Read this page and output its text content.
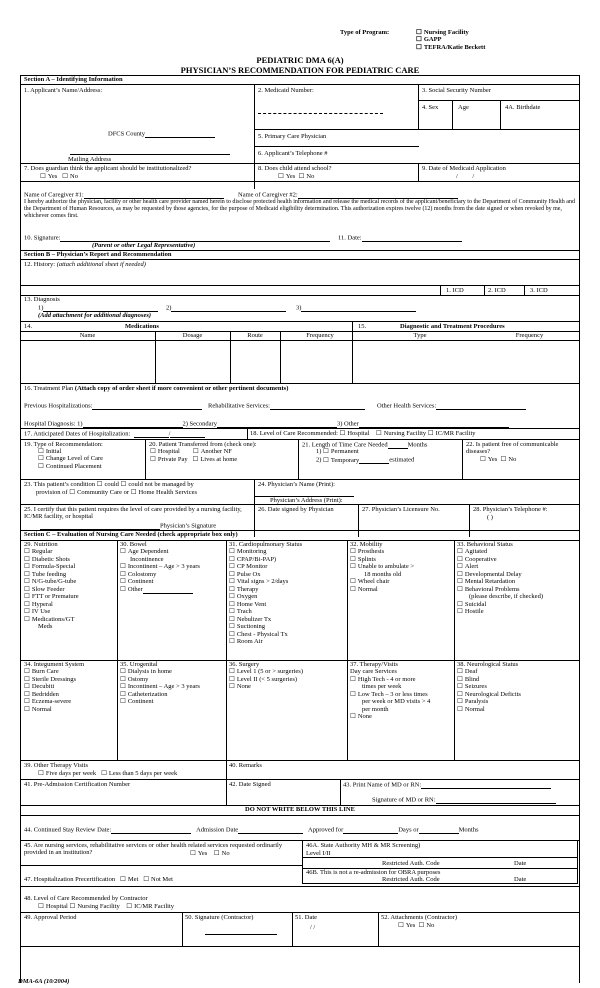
Type of Program:	☐ Nursing Facility
☐ GAPP
☐ TEFRA/Katie Beckett
PEDIATRIC DMA 6(A)
PHYSICIAN’S RECOMMENDATION FOR PEDIATRIC CARE
Section A – Identifying Information
1. Applicant’s Name/Address:	2. Medicaid Number:	3. Social Security Number
4. Sex	Age	4A. Birthdate
DFCS County	5. Primary Care Physician
Mailing Address
6. Applicant’s Telephone #
7. Does guardian think the applicant should be institutionalized?
☐ Yes ☐ No
8. Does child attend school?
☐ Yes ☐ No
9. Date of Medicaid Application
/         /
Name of Caregiver #1:	Name of Caregiver #2:
I hereby authorize the physician, facility or other health care provider named herein to disclose protected health information and release the medical records of the applicant/beneficiary to the Department of Community Health and the Department of Human Resources, as may be requested by those agencies, for the purpose of Medicaid eligibility determination. This authorization expires twelve (12) months from the date signed or when revoked by me, whichever comes first.
10. Signature:
(Parent or other Legal Representative)
11. Date:
Section B – Physician’s Report and Recommendation
12. History: (attach additional sheet if needed)
1. ICD	2. ICD	3. ICD
13. Diagnosis
1)	2)	3)
(Add attachment for additional diagnoses)
14.	Medications	15.	Diagnostic and Treatment Procedures
Name	Dosage	Route	Frequency	Type	Frequency
16. Treatment Plan (Attach copy of order sheet if more convenient or other pertinent documents)
Previous Hospitalizations:	Rehabilitative Services:	Other Health Services:
Hospital Diagnosis: 1)	2) Secondary	3) Other
17. Anticipated Dates of Hospitalization:	/	18. Level of Care Recommended: ☐ Hospital ☐ Nursing Facility ☐ IC/MR Facility
19. Type of Recommendation:
☐ Initial
☐ Change Level of Care
☐ Continued Placement
20. Patient Transferred from (check one):
☐ Hospital	☐ Another NF
☐ Private Pay ☐ Lives at home
21. Length of Time Care Needed	Months
1) ☐ Permanent
2) ☐ Temporary	estimated
22. Is patient free of communicable diseases?
☐ Yes ☐ No
23. This patient’s condition ☐ could ☐ could not be managed by
provision of ☐ Community Care or ☐ Home Health Services
24. Physician’s Name (Print):
Physician’s Address (Print):
25. I certify that this patient requires the level of care provided by a nursing facility, IC/MR facility, or hospital
Physician’s Signature
26. Date signed by Physician	27. Physician’s Licensure No.	28. Physician’s Telephone #:
( )
Section C – Evaluation of Nursing Care Needed (check appropriate box only)
29. Nutrition
☐ Regular
☐ Diabetic Shots
☐ Formula-Special
☐ Tube feeding
☐ N/G-tube/G-tube
☐ Slow Feeder
☐ FTT or Premature
☐ Hyperal
☐ IV Use
☐ Medications/GT
Meds
30. Bowel
☐ Age Dependent
Incontinence
☐ Incontinent – Age > 3 years
☐ Colostomy
☐ Continent
☐ Other
31. Cardiopulmonary Status
☐ Monitoring
☐ CPAP/Bi-PAP)
☐ CP Monitor
☐ Pulse Ox
☐ Vital signs > 2/days
☐ Therapy
☐ Oxygen
☐ Home Vent
☐ Trach
☐ Nebulizer Tx
☐ Suctioning
☐ Chest - Physical Tx
☐ Room Air
32. Mobility
☐ Prosthesis
☐ Splints
☐ Unable to ambulate >
18 months old
☐ Wheel chair
☐ Normal
33. Behavioral Status
☐ Agitated
☐ Cooperative
☐ Alert
☐ Developmental Delay
☐ Mental Retardation
☐ Behavioral Problems
(please describe, if checked)
☐ Suicidal
☐ Hostile
34. Integument System
☐ Burn Care
☐ Sterile Dressings
☐ Decubiti
☐ Bedridden
☐ Eczema-severe
☐ Normal
35. Urogenital
☐ Dialysis in home
☐ Ostomy
☐ Incontinent – Age > 3 years
☐ Catheterization
☐ Continent
36. Surgery
☐ Level 1 (5 or > surgeries)
☐ Level II (< 5 surgeries)
☐ None
37. Therapy/Visits
Day care Services
☐ High Tech - 4 or more
times per week
☐ Low Tech – 3 or less times
per week or MD visits > 4
per month
☐ None
38. Neurological Status
☐ Deaf
☐ Blind
☐ Seizures
☐ Neurological Deficits
☐ Paralysis
☐ Normal
39. Other Therapy Visits
☐ Five days per week ☐ Less than 5 days per week
40. Remarks
41. Pre-Admission Certification Number	42. Date Signed	43. Print Name of MD or RN:
Signature of MD or RN:
DO NOT WRITE BELOW THIS LINE
44. Continued Stay Review Date:	Admission Date	Approved for	Days or	Months
45. Are nursing services, rehabilitative services or other health related services requested ordinarily provided in an institution?	☐ Yes ☐ No
46A. State Authority MH & MR Screening)
Level I/II
Restricted Auth. Code	Date
46B. This is not a re-admission for OBRA purposes
Restricted Auth. Code	Date
47. Hospitalization Precertification ☐ Met ☐ Not Met
48. Level of Care Recommended by Contractor
☐ Hospital ☐ Nursing Facility ☐ IC/MR Facility
49. Approval Period	50. Signature (Contractor)	51. Date
/ /
52. Attachments (Contractor)
☐ Yes ☐ No
DMA-6A (10/2004)
